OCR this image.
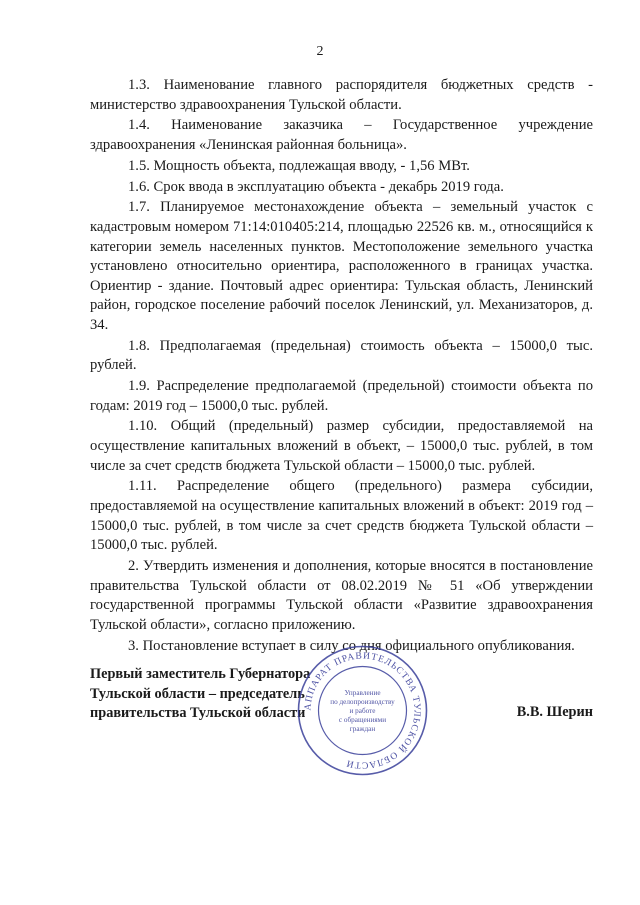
2

1.3. Наименование главного распорядителя бюджетных средств - министерство здравоохранения Тульской области.

1.4. Наименование заказчика – Государственное учреждение здравоохранения «Ленинская районная больница».

1.5. Мощность объекта, подлежащая вводу, - 1,56 МВт.

1.6. Срок ввода в эксплуатацию объекта - декабрь 2019 года.

1.7. Планируемое местонахождение объекта – земельный участок с кадастровым номером 71:14:010405:214, площадью 22526 кв. м., относящийся к категории земель населенных пунктов. Местоположение земельного участка установлено относительно ориентира, расположенного в границах участка. Ориентир - здание. Почтовый адрес ориентира: Тульская область, Ленинский район, городское поселение рабочий поселок Ленинский, ул. Механизаторов, д. 34.

1.8. Предполагаемая (предельная) стоимость объекта – 15000,0 тыс. рублей.

1.9. Распределение предполагаемой (предельной) стоимости объекта по годам: 2019 год – 15000,0 тыс. рублей.

1.10. Общий (предельный) размер субсидии, предоставляемой на осуществление капитальных вложений в объект, – 15000,0 тыс. рублей, в том числе за счет средств бюджета Тульской области – 15000,0 тыс. рублей.

1.11. Распределение общего (предельного) размера субсидии, предоставляемой на осуществление капитальных вложений в объект: 2019 год – 15000,0 тыс. рублей, в том числе за счет средств бюджета Тульской области – 15000,0 тыс. рублей.

2. Утвердить изменения и дополнения, которые вносятся в постановление правительства Тульской области от 08.02.2019 № 51 «Об утверждении государственной программы Тульской области «Развитие здравоохранения Тульской области», согласно приложению.

3. Постановление вступает в силу со дня официального опубликования.

Первый заместитель Губернатора
Тульской области – председатель
правительства Тульской области
АППАРАТ ПРАВИТЕЛЬСТВА ТУЛЬСКОЙ ОБЛАСТИ
Управление
по делопроизводству
и работе
с обращениями
граждан
В.В. Шерин
